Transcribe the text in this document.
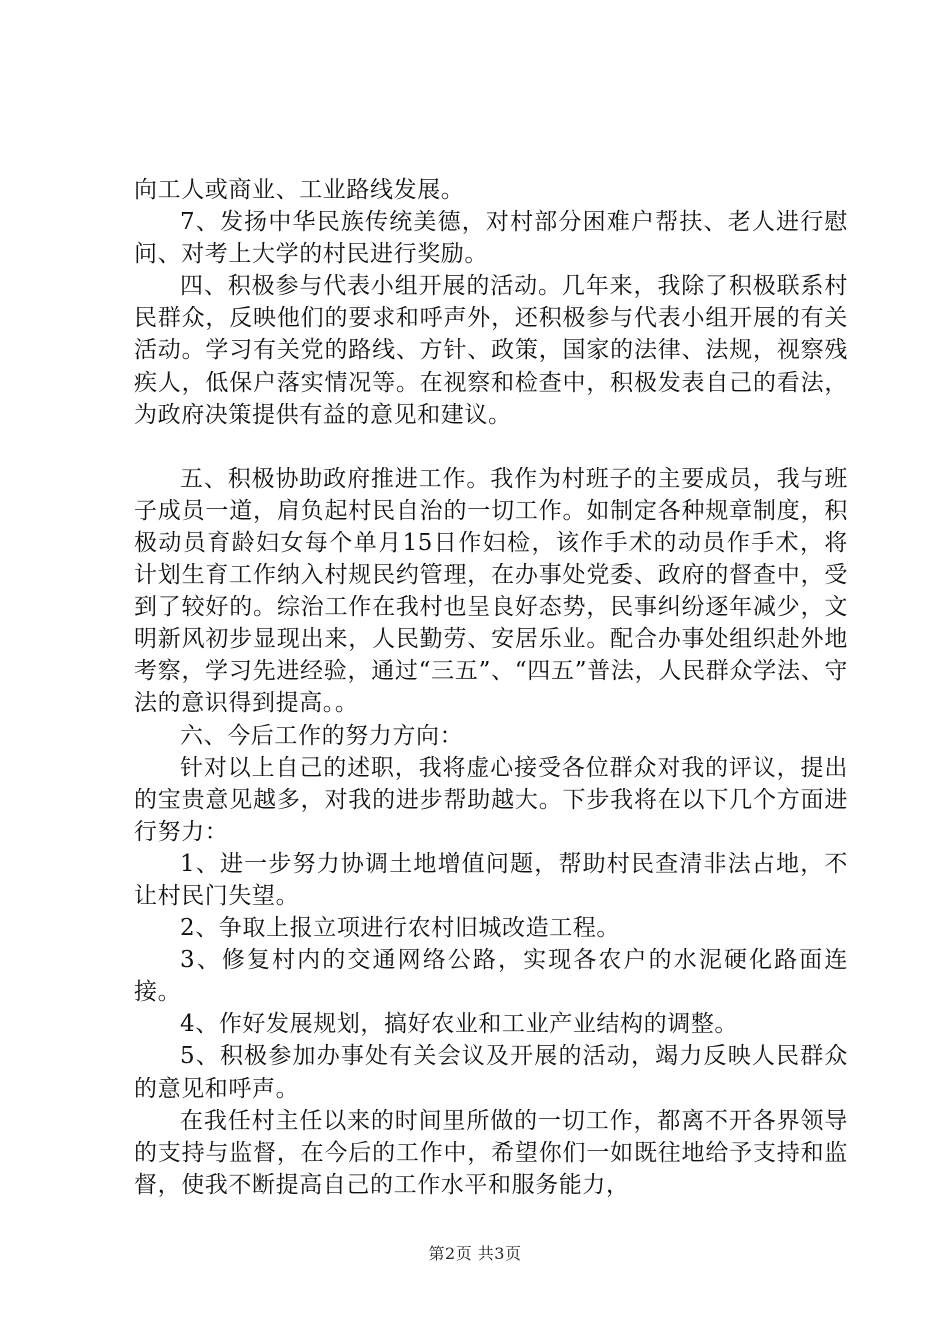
向工人或商业、工业路线发展。

7、发扬中华民族传统美德，对村部分困难户帮扶、老人进行慰问、对考上大学的村民进行奖励。

四、积极参与代表小组开展的活动。几年来，我除了积极联系村民群众，反映他们的要求和呼声外，还积极参与代表小组开展的有关活动。学习有关党的路线、方针、政策，国家的法律、法规，视察残疾人，低保户落实情况等。在视察和检查中，积极发表自己的看法，为政府决策提供有益的意见和建议。

五、积极协助政府推进工作。我作为村班子的主要成员，我与班子成员一道，肩负起村民自治的一切工作。如制定各种规章制度，积极动员育龄妇女每个单月15日作妇检，该作手术的动员作手术，将计划生育工作纳入村规民约管理，在办事处党委、政府的督查中，受到了较好的。综治工作在我村也呈良好态势，民事纠纷逐年减少，文明新风初步显现出来，人民勤劳、安居乐业。配合办事处组织赴外地考察，学习先进经验，通过“三五”、“四五”普法，人民群众学法、守法的意识得到提高。。

六、今后工作的努力方向：

针对以上自己的述职，我将虚心接受各位群众对我的评议，提出的宝贵意见越多，对我的进步帮助越大。下步我将在以下几个方面进行努力：

1、进一步努力协调土地增值问题，帮助村民查清非法占地，不让村民门失望。

2、争取上报立项进行农村旧城改造工程。

3、修复村内的交通网络公路，实现各农户的水泥硬化路面连接。

4、作好发展规划，搞好农业和工业产业结构的调整。

5、积极参加办事处有关会议及开展的活动，竭力反映人民群众的意见和呼声。

在我任村主任以来的时间里所做的一切工作，都离不开各界领导的支持与监督，在今后的工作中，希望你们一如既往地给予支持和监督，使我不断提高自己的工作水平和服务能力，

第2页 共3页
